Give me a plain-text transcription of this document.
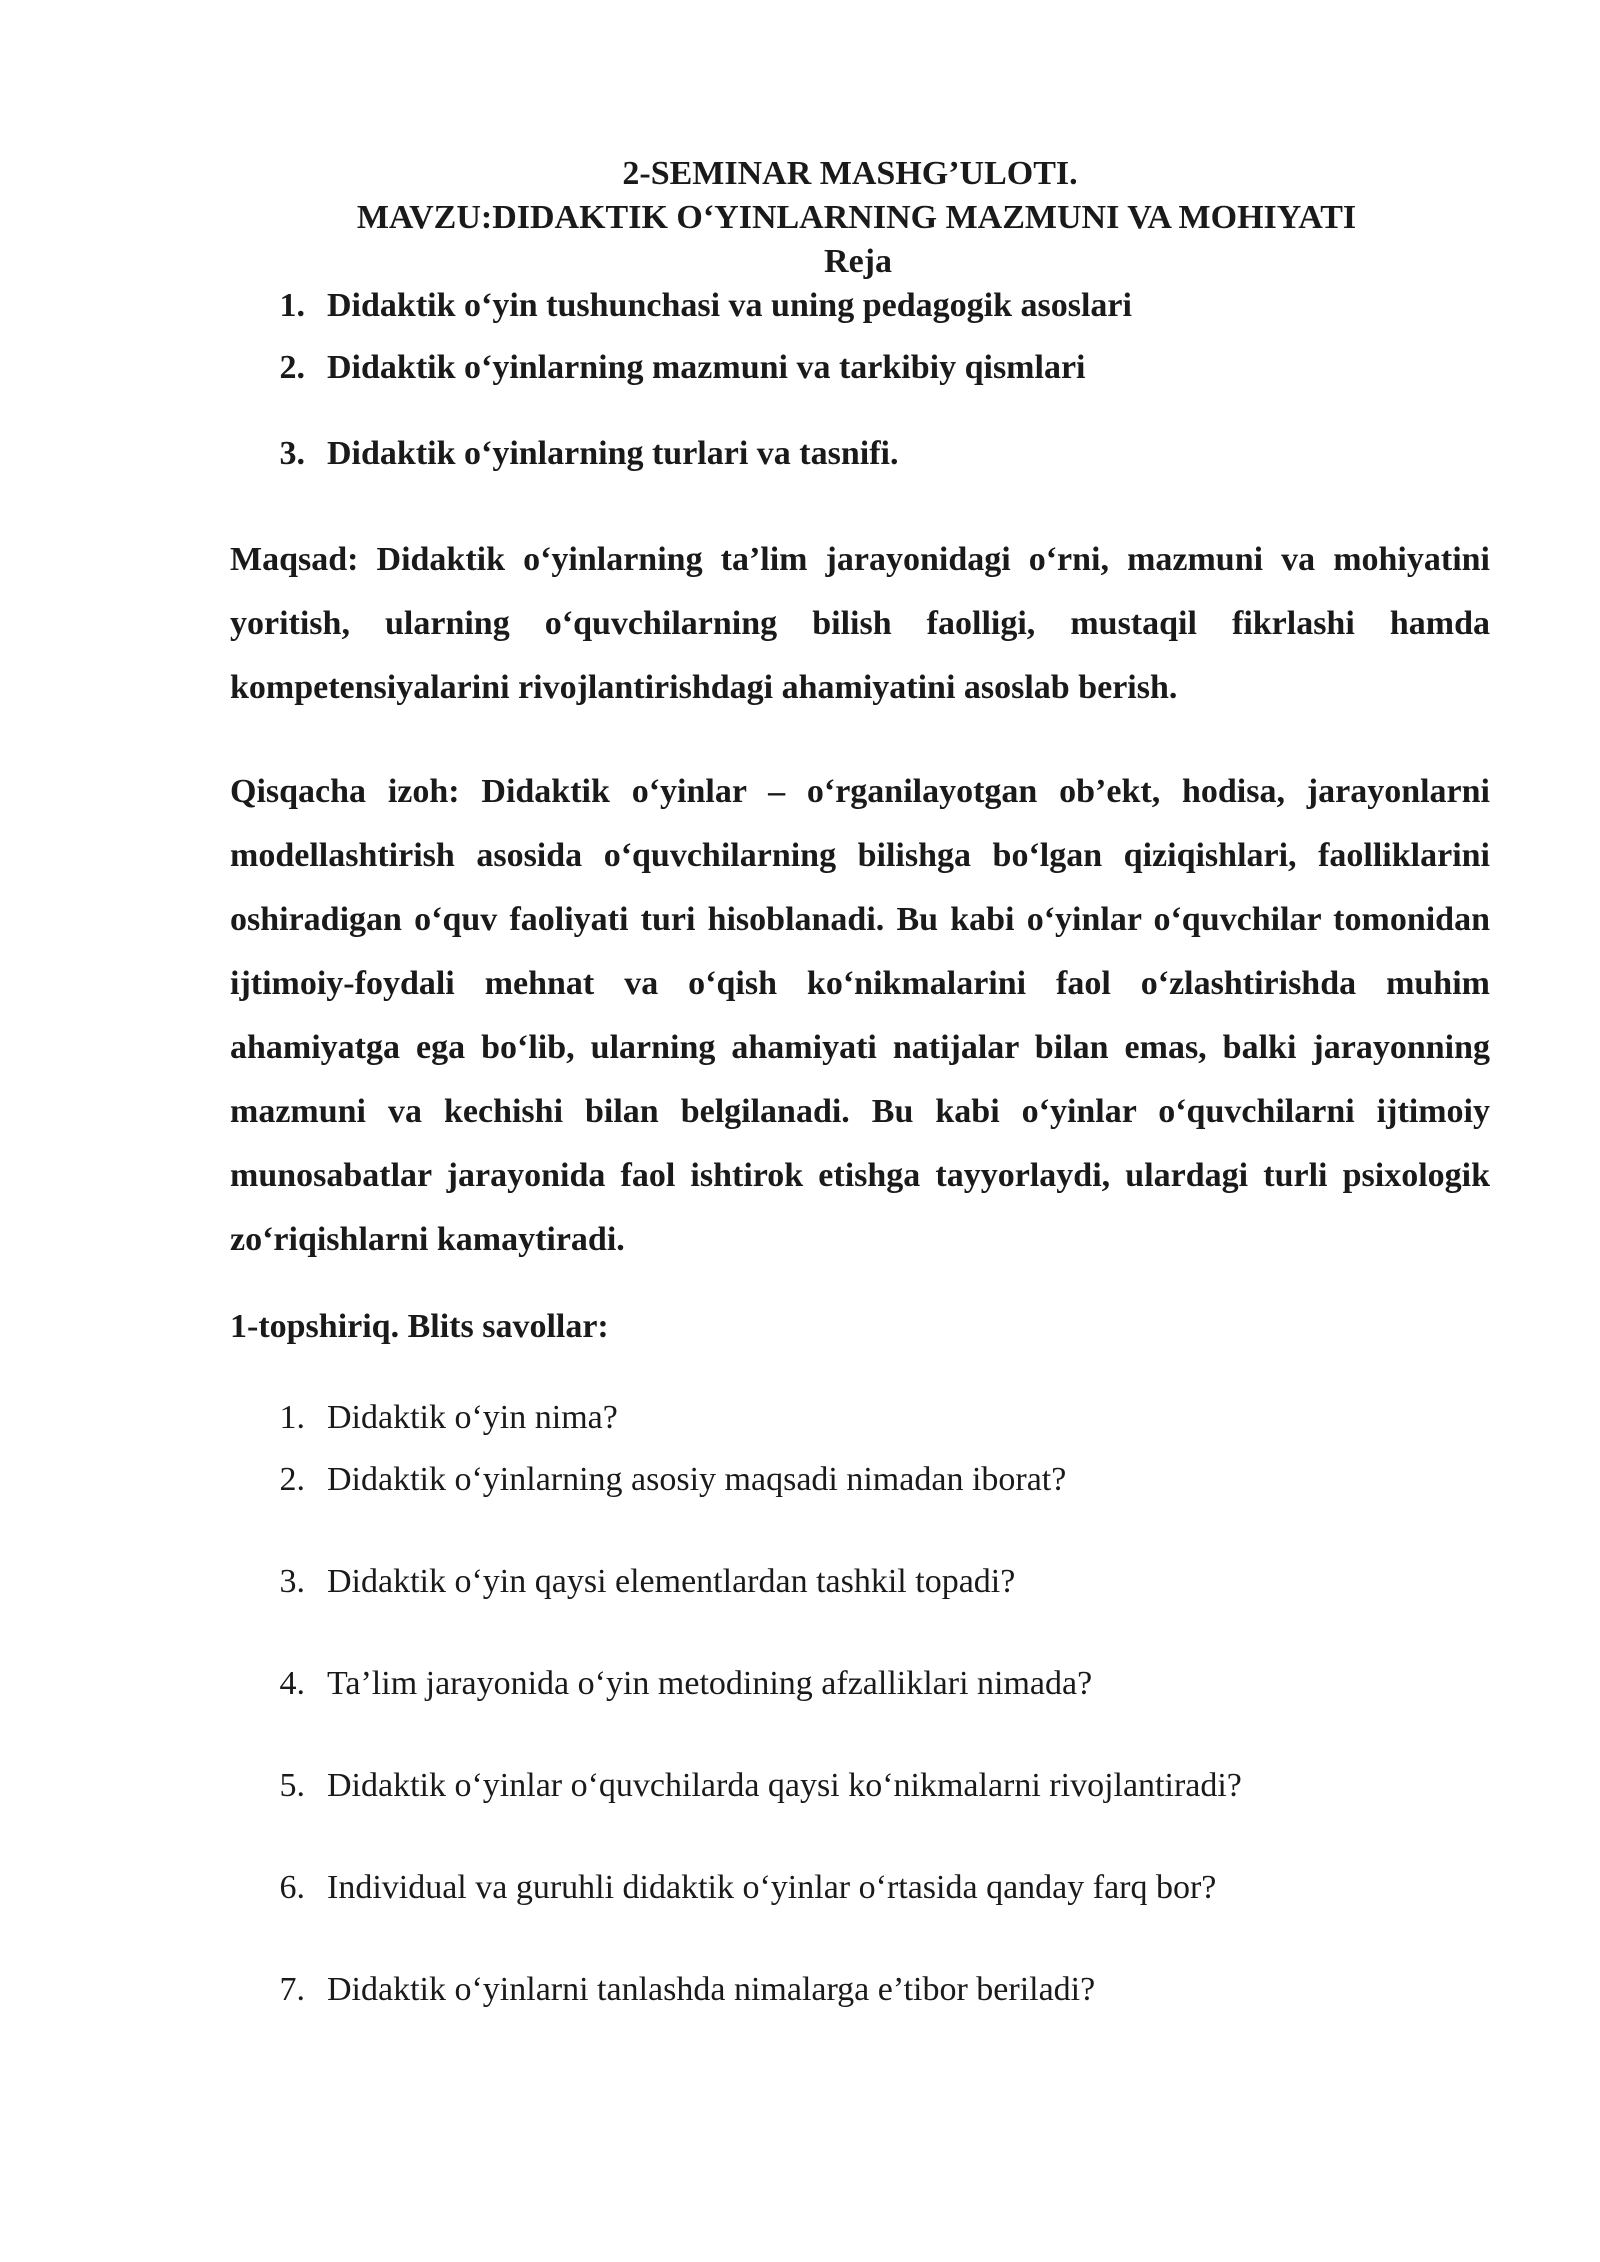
2-SEMINAR MASHG’ULOTI.
MAVZU:DIDAKTIK O‘YINLARNING MAZMUNI VA MOHIYATI
Reja
1. Didaktik o‘yin tushunchasi va uning pedagogik asoslari
2. Didaktik o‘yinlarning mazmuni va tarkibiy qismlari
3. Didaktik o‘yinlarning turlari va tasnifi.

Maqsad: Didaktik o‘yinlarning ta’lim jarayonidagi o‘rni, mazmuni va mohiyatini yoritish, ularning o‘quvchilarning bilish faolligi, mustaqil fikrlashi hamda kompetensiyalarini rivojlantirishdagi ahamiyatini asoslab berish.

Qisqacha izoh: Didaktik o‘yinlar – o‘rganilayotgan ob’ekt, hodisa, jarayonlarni modellashtirish asosida o‘quvchilarning bilishga bo‘lgan qiziqishlari, faolliklarini oshiradigan o‘quv faoliyati turi hisoblanadi. Bu kabi o‘yinlar o‘quvchilar tomonidan ijtimoiy-foydali mehnat va o‘qish ko‘nikmalarini faol o‘zlashtirishda muhim ahamiyatga ega bo‘lib, ularning ahamiyati natijalar bilan emas, balki jarayonning mazmuni va kechishi bilan belgilanadi. Bu kabi o‘yinlar o‘quvchilarni ijtimoiy munosabatlar jarayonida faol ishtirok etishga tayyorlaydi, ulardagi turli psixologik zo‘riqishlarni kamaytiradi.

1-topshiriq. Blits savollar:
1. Didaktik o‘yin nima?
2. Didaktik o‘yinlarning asosiy maqsadi nimadan iborat?
3. Didaktik o‘yin qaysi elementlardan tashkil topadi?
4. Ta’lim jarayonida o‘yin metodining afzalliklari nimada?
5. Didaktik o‘yinlar o‘quvchilarda qaysi ko‘nikmalarni rivojlantiradi?
6. Individual va guruhli didaktik o‘yinlar o‘rtasida qanday farq bor?
7. Didaktik o‘yinlarni tanlashda nimalarga e’tibor beriladi?
